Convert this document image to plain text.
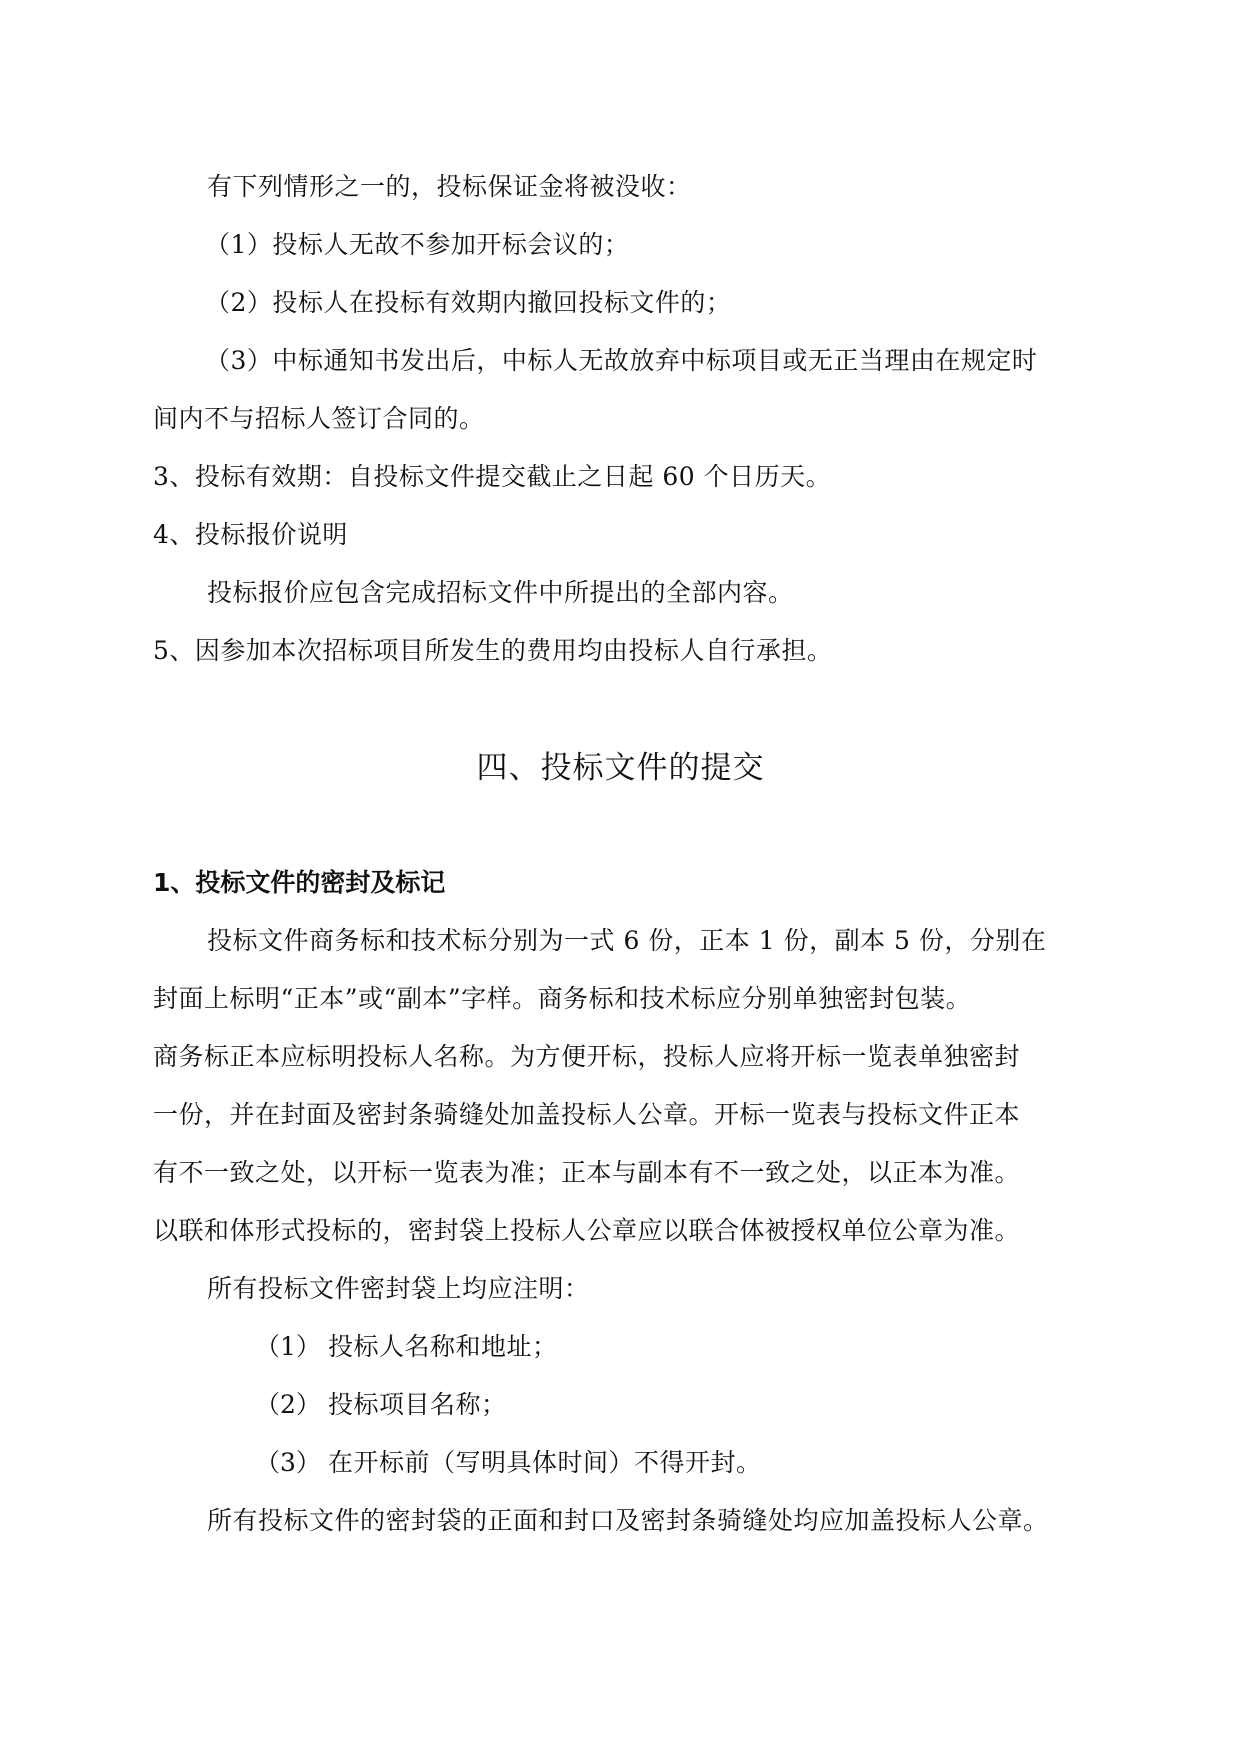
有下列情形之一的，投标保证金将被没收：
（1）投标人无故不参加开标会议的；
（2）投标人在投标有效期内撤回投标文件的；
（3）中标通知书发出后，中标人无故放弃中标项目或无正当理由在规定时
间内不与招标人签订合同的。
3、投标有效期：自投标文件提交截止之日起 60 个日历天。
4、投标报价说明
投标报价应包含完成招标文件中所提出的全部内容。
5、因参加本次招标项目所发生的费用均由投标人自行承担。
四、投标文件的提交
1、投标文件的密封及标记
投标文件商务标和技术标分别为一式 6 份，正本 1 份，副本 5 份，分别在
封面上标明“正本”或“副本”字样。商务标和技术标应分别单独密封包装。
商务标正本应标明投标人名称。为方便开标，投标人应将开标一览表单独密封
一份，并在封面及密封条骑缝处加盖投标人公章。开标一览表与投标文件正本
有不一致之处，以开标一览表为准；正本与副本有不一致之处，以正本为准。
以联和体形式投标的，密封袋上投标人公章应以联合体被授权单位公章为准。
所有投标文件密封袋上均应注明：
（1） 投标人名称和地址；
（2） 投标项目名称；
（3） 在开标前（写明具体时间）不得开封。
所有投标文件的密封袋的正面和封口及密封条骑缝处均应加盖投标人公章。
